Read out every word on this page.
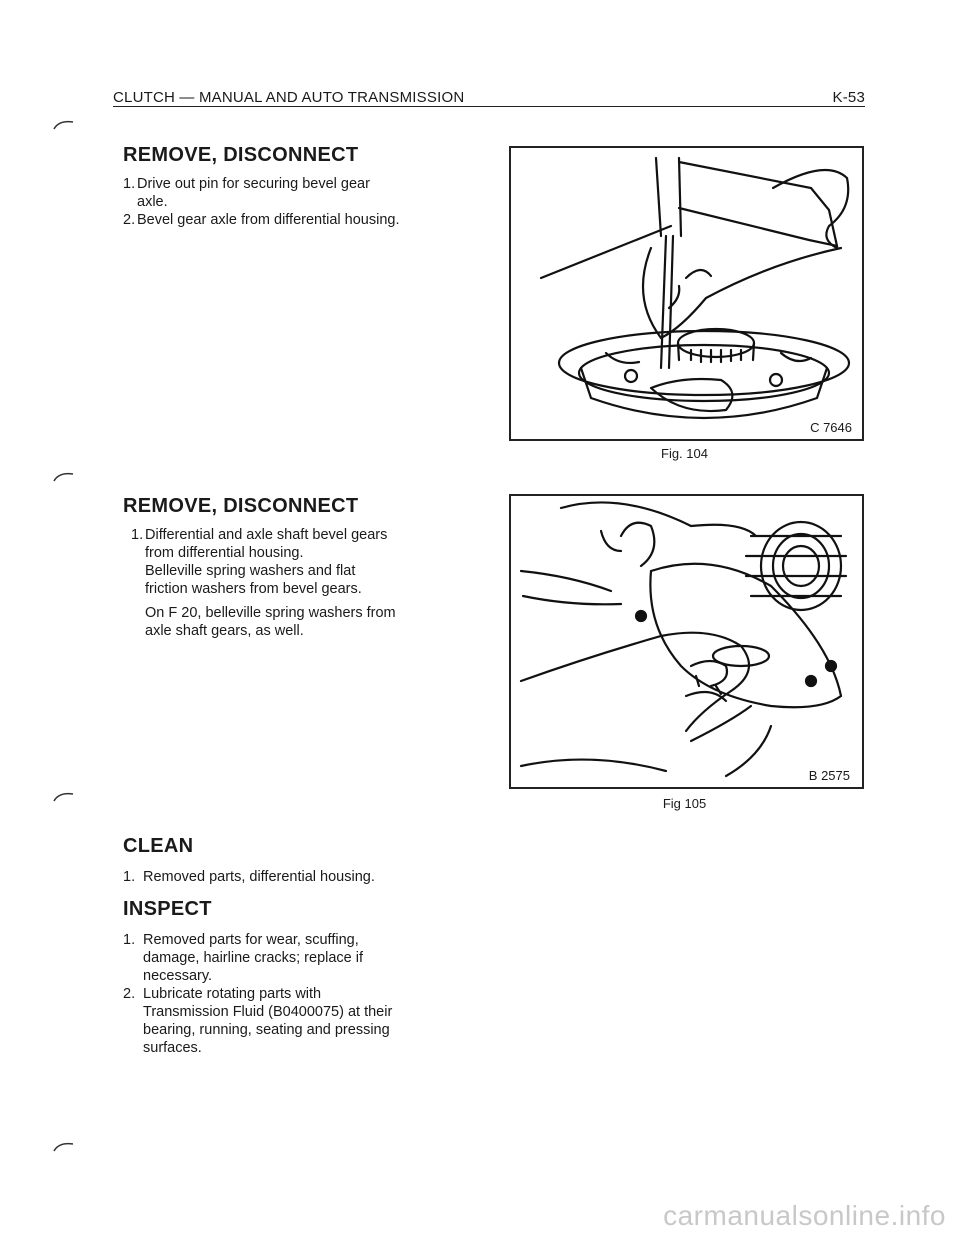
CLUTCH — MANUAL AND AUTO TRANSMISSION	K-53
REMOVE, DISCONNECT
1. Drive out pin for securing bevel gear
axle.
2. Bevel gear axle from differential housing.
C 7646
Fig. 104
REMOVE, DISCONNECT
1. Differential and axle shaft bevel gears
from differential housing.
Belleville spring washers and flat
friction washers from bevel gears.
On F 20, belleville spring washers from
axle shaft gears, as well.
B 2575
Fig 105
CLEAN
1. Removed parts, differential housing.
INSPECT
1. Removed parts for wear, scuffing,
damage, hairline cracks; replace if
necessary.
2. Lubricate rotating parts with
Transmission Fluid (B0400075) at their
bearing, running, seating and pressing
surfaces.
carmanualsonline.info
